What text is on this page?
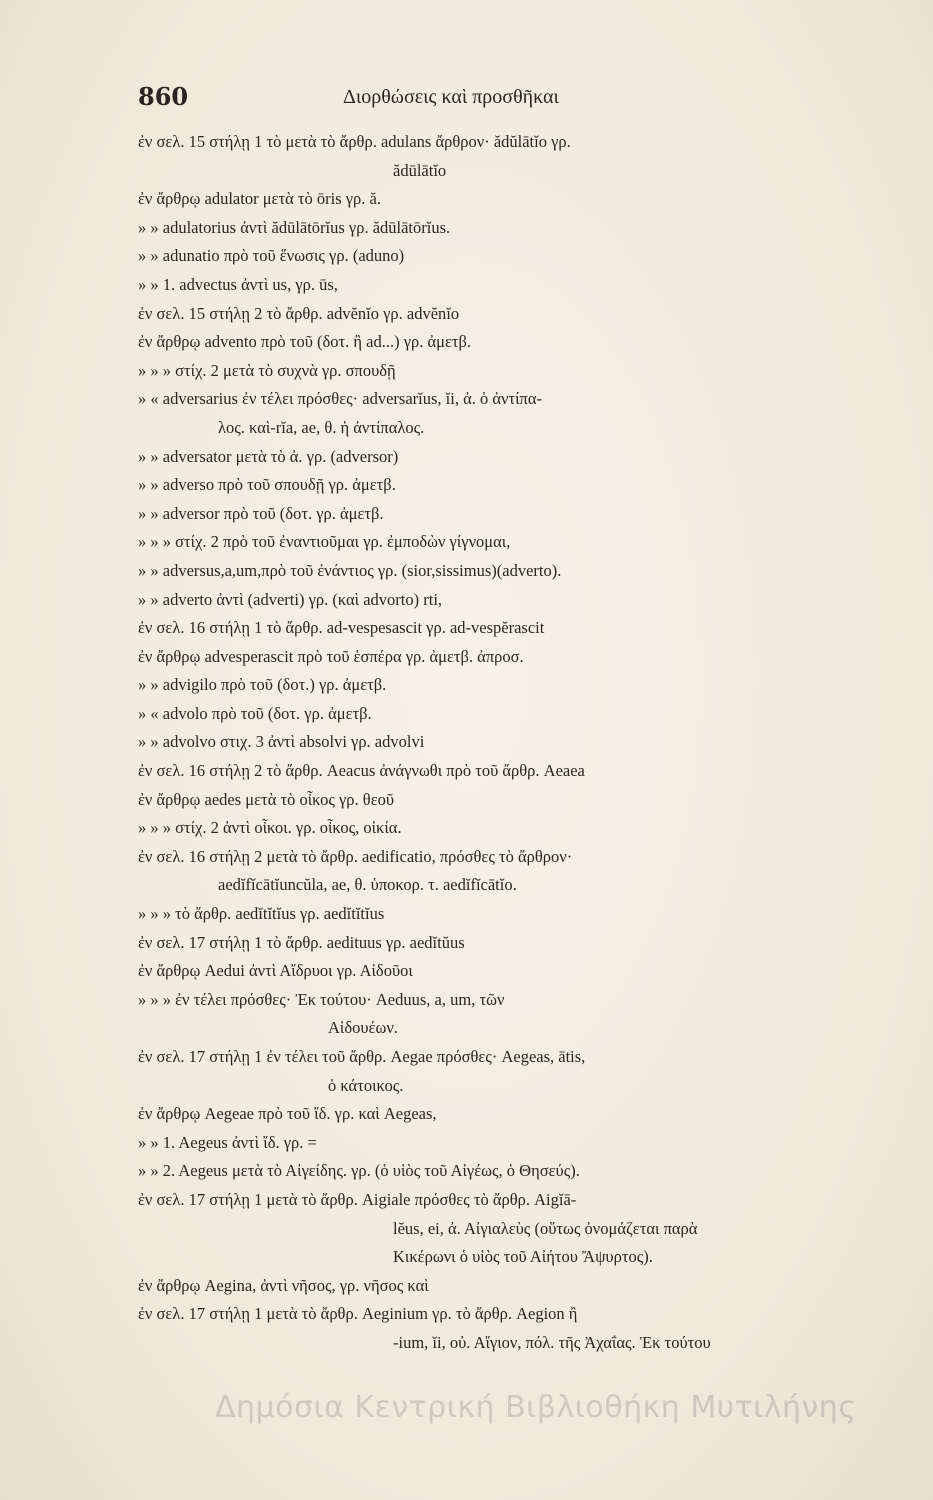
860	Διορθώσεις καὶ προσθῆκαι
ἐν σελ. 15 στήλῃ 1 τὸ μετὰ τὸ ἄρθρ. adulans ἄρθρον· ădŭlātĭo γρ.
ădūlātĭo
ἐν ἄρθρῳ adulator μετὰ τὸ ōris γρ. ă.
» » adulatorius ἀντὶ ădūlātōrĭus γρ. ădūlātōrĭus.
» » adunatio πρὸ τοῦ ἕνωσις γρ. (aduno)
» » 1. advectus ἀντὶ us, γρ. ūs,
ἐν σελ. 15 στήλῃ 2 τὸ ἄρθρ. advĕnĭo γρ. advĕnĭo
ἐν ἄρθρῳ advento πρὸ τοῦ (δοτ. ἢ ad...) γρ. ἀμετβ.
» » » στίχ. 2 μετὰ τὸ συχνὰ γρ. σπουδῇ
» « adversarius ἐν τέλει πρόσθες· adversarĭus, ĭi, ἀ. ὁ ἀντίπα-
λος. καὶ-rĭa, ae, θ. ἡ ἀντίπαλος.
» » adversator μετὰ τὸ ἀ. γρ. (adversor)
» » adverso πρὸ τοῦ σπουδῇ γρ. ἀμετβ.
» » adversor πρὸ τοῦ (δοτ. γρ. ἀμετβ.
» » » στίχ. 2 πρὸ τοῦ ἐναντιοῦμαι γρ. ἐμποδὼν γίγνομαι,
» » adversus,a,um,πρὸ τοῦ ἐνάντιος γρ. (sior,sissimus)(adverto).
» » adverto ἀντὶ (adverti) γρ. (καὶ advorto) rti,
ἐν σελ. 16 στήλῃ 1 τὸ ἄρθρ. ad-vespesascit γρ. ad-vespĕrascit
ἐν ἄρθρῳ advesperascit πρὸ τοῦ ἑσπέρα γρ. ἀμετβ. ἀπροσ.
» » advigilo πρὸ τοῦ (δοτ.) γρ. ἀμετβ.
» « advolo πρὸ τοῦ (δοτ. γρ. ἀμετβ.
» » advolvo στιχ. 3 ἀντὶ absolvi γρ. advolvi
ἐν σελ. 16 στήλῃ 2 τὸ ἄρθρ. Aeacus ἀνάγνωθι πρὸ τοῦ ἄρθρ. Aeaea
ἐν ἄρθρῳ aedes μετὰ τὸ οἶκος γρ. θεοῦ
» » » στίχ. 2 ἀντὶ οἶκοι. γρ. οἶκος, οἰκία.
ἐν σελ. 16 στήλῃ 2 μετὰ τὸ ἄρθρ. aedificatio, πρόσθες τὸ ἄρθρον·
aedĭfĭcātĭuncŭla, ae, θ. ὑποκορ. τ. aedĭfĭcātĭo.
» » » τὸ ἄρθρ. aedĭtĭtĭus γρ. aedĭtĭtĭus
ἐν σελ. 17 στήλῃ 1 τὸ ἄρθρ. aedituus γρ. aedĭtŭus
ἐν ἄρθρῳ Aedui ἀντὶ Αἴδρυοι γρ. Αἰδοῦοι
» » » ἐν τέλει πρόσθες· Ἐκ τούτου· Aeduus, a, um, τῶν
Αἰδουέων.
ἐν σελ. 17 στήλῃ 1 ἐν τέλει τοῦ ἄρθρ. Aegae πρόσθες· Aegeas, ātis,
ὁ κάτοικος.
ἐν ἄρθρῳ Aegeae πρὸ τοῦ ἴδ. γρ. καὶ Aegeas,
» » 1. Aegeus ἀντὶ ἴδ. γρ. =
» » 2. Aegeus μετὰ τὸ Αἰγείδης. γρ. (ὁ υἱὸς τοῦ Αἰγέως, ὁ Θησεύς).
ἐν σελ. 17 στήλῃ 1 μετὰ τὸ ἄρθρ. Aigiale πρόσθες τὸ ἄρθρ. Aigĭā-
lĕus, ei, ἀ. Αἰγιαλεὺς (οὕτως ὀνομάζεται παρὰ
Κικέρωνι ὁ υἱὸς τοῦ Αἰήτου Ἄψυρτος).
ἐν ἄρθρῳ Aegina, ἀντὶ νῆσος, γρ. νῆσος καὶ
ἐν σελ. 17 στήλῃ 1 μετὰ τὸ ἄρθρ. Aeginium γρ. τὸ ἄρθρ. Aegion ἢ
-ium, ĭi, οὐ. Αἴγιον, πόλ. τῆς Ἀχαΐας. Ἐκ τούτου
Δημόσια Κεντρική Βιβλιοθήκη Μυτιλήνης
